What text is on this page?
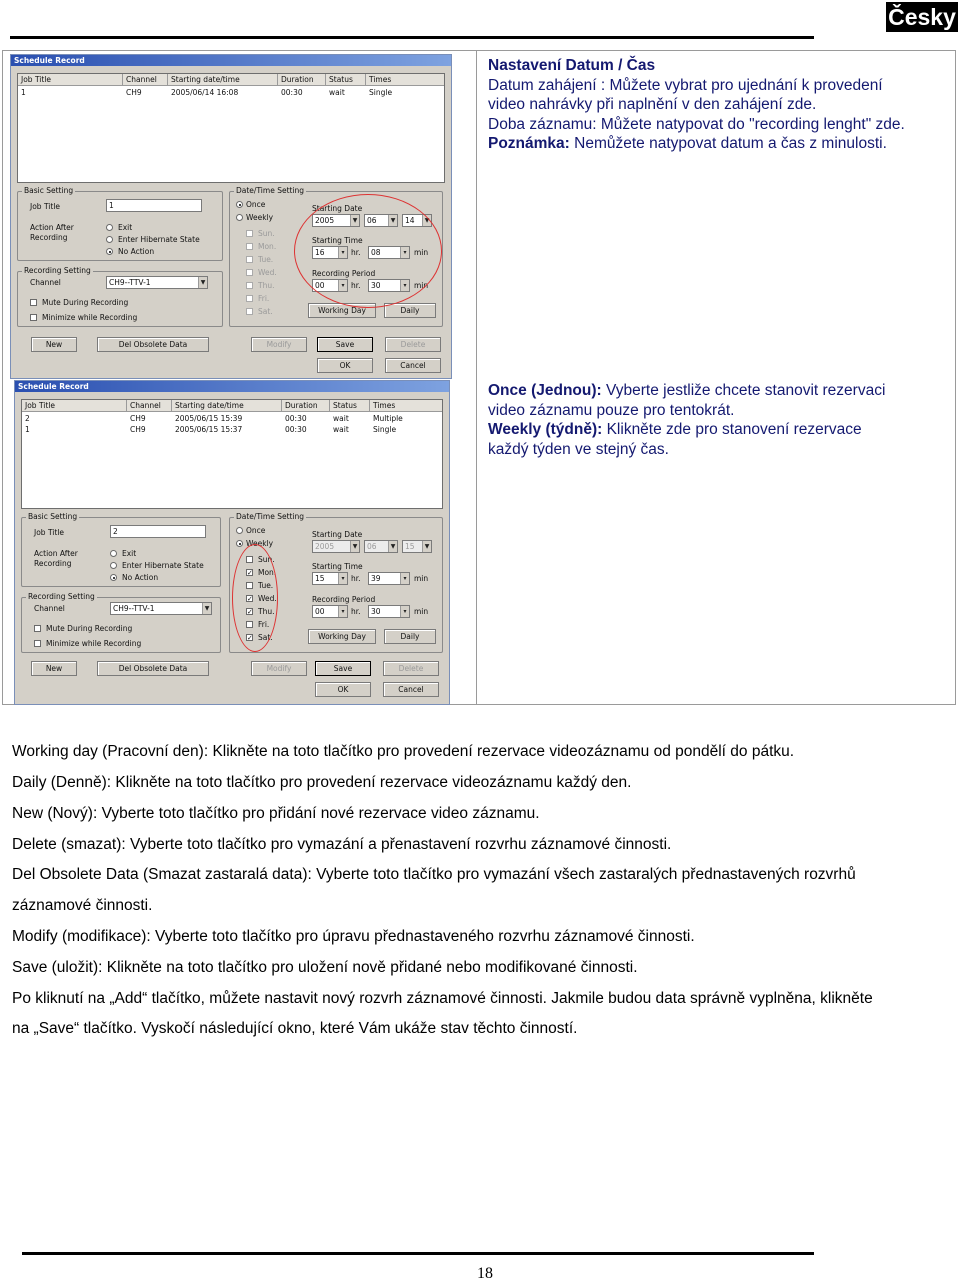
Česky
Nastavení Datum / Čas
Datum zahájení : Můžete vybrat pro ujednání k provedení
video nahrávky při naplnění v den zahájení zde.
Doba záznamu: Můžete natypovat do "recording lenght" zde.
Poznámka: Nemůžete natypovat datum a čas z minulosti.
Once (Jednou): Vyberte jestliže chcete stanovit rezervaci
video záznamu pouze pro tentokrát.
Weekly (týdně): Klikněte zde pro stanovení rezervace
každý týden ve stejný čas.
Schedule Record
Job Title	Channel	Starting date/time	Duration	Status	Times
1	CH9	2005/06/14 16:08	00:30	wait	Single
Basic Setting
Job Title	1
Action After
Recording
Exit
Enter Hibernate State
No Action
Recording Setting
Channel	CH9--TTV-1	▼
Mute During Recording
Minimize while Recording
Date/Time Setting
Once
Weekly
Sun.
Mon.
Tue.
Wed.
Thu.
Fri.
Sat.
Starting Date
2005	▼	06	▼	14	▼
Starting Time
16	▾ hr.	08	▾	min
Recording Period
00	▾ hr.	30	▾	min
Working Day	Daily
New	Del Obsolete Data	Modify	Save	Delete
OK	Cancel
Schedule Record
Job Title	Channel	Starting date/time	Duration	Status	Times
2	CH9	2005/06/15 15:39	00:30	wait	Multiple
1	CH9	2005/06/15 15:37	00:30	wait	Single
Basic Setting
Job Title	2
Action After
Recording
Exit
Enter Hibernate State
No Action
Recording Setting
Channel	CH9--TTV-1	▼
Mute During Recording
Minimize while Recording
Date/Time Setting
Once
Weekly
Sun.
✓ Mon.
Tue.
✓ Wed.
✓ Thu.
Fri.
✓ Sat.
Starting Date
2005	▼	06	▼	15	▼
Starting Time
15	▾ hr.	39	▾	min
Recording Period
00	▾ hr.	30	▾	min
Working Day	Daily
New	Del Obsolete Data	Modify	Save	Delete
OK	Cancel
Working day (Pracovní den): Klikněte na toto tlačítko pro provedení rezervace videozáznamu od pondělí do pátku.
Daily (Denně): Klikněte na toto tlačítko pro provedení rezervace videozáznamu každý den.
New (Nový): Vyberte toto tlačítko pro přidání nové rezervace video záznamu.
Delete (smazat): Vyberte toto tlačítko pro vymazání a přenastavení rozvrhu záznamové činnosti.
Del Obsolete Data (Smazat zastaralá data): Vyberte toto tlačítko pro vymazání všech zastaralých přednastavených rozvrhů
záznamové činnosti.
Modify (modifikace): Vyberte toto tlačítko pro úpravu přednastaveného rozvrhu záznamové činnosti.
Save (uložit): Klikněte na toto tlačítko pro uložení nově přidané nebo modifikované činnosti.
Po kliknutí na „Add“ tlačítko, můžete nastavit nový rozvrh záznamové činnosti. Jakmile budou data správně vyplněna, klikněte
na „Save“ tlačítko. Vyskočí následující okno, které Vám ukáže stav těchto činností.
18
